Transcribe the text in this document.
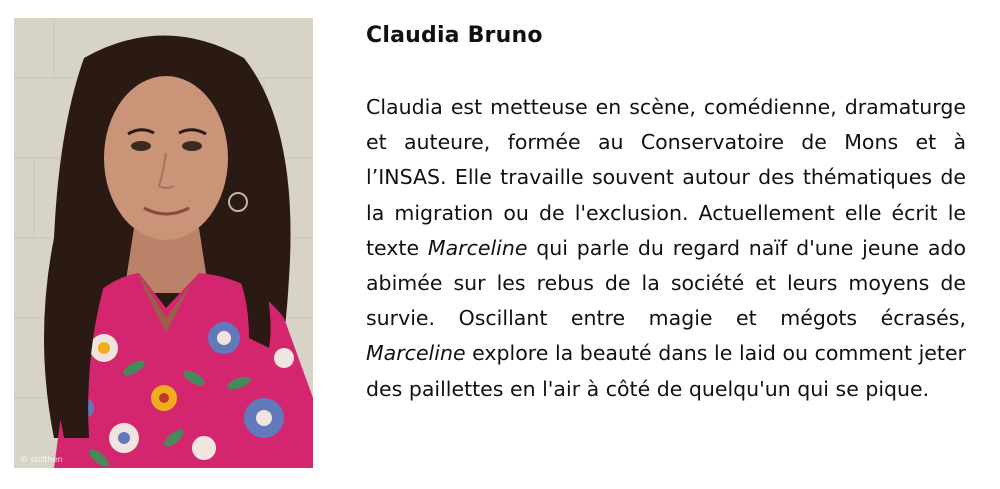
© stillthen
Claudia Bruno

Claudia est metteuse en scène, comédienne, dramaturge et auteure, formée au Conservatoire de Mons et à l’INSAS. Elle travaille souvent autour des thématiques de la migration ou de l'exclusion. Actuellement elle écrit le texte Marceline qui parle du regard naïf d'une jeune ado abimée sur les rebus de la société et leurs moyens de survie. Oscillant entre magie et mégots écrasés, Marceline explore la beauté dans le laid ou comment jeter des paillettes en l'air à côté de quelqu'un qui se pique.
